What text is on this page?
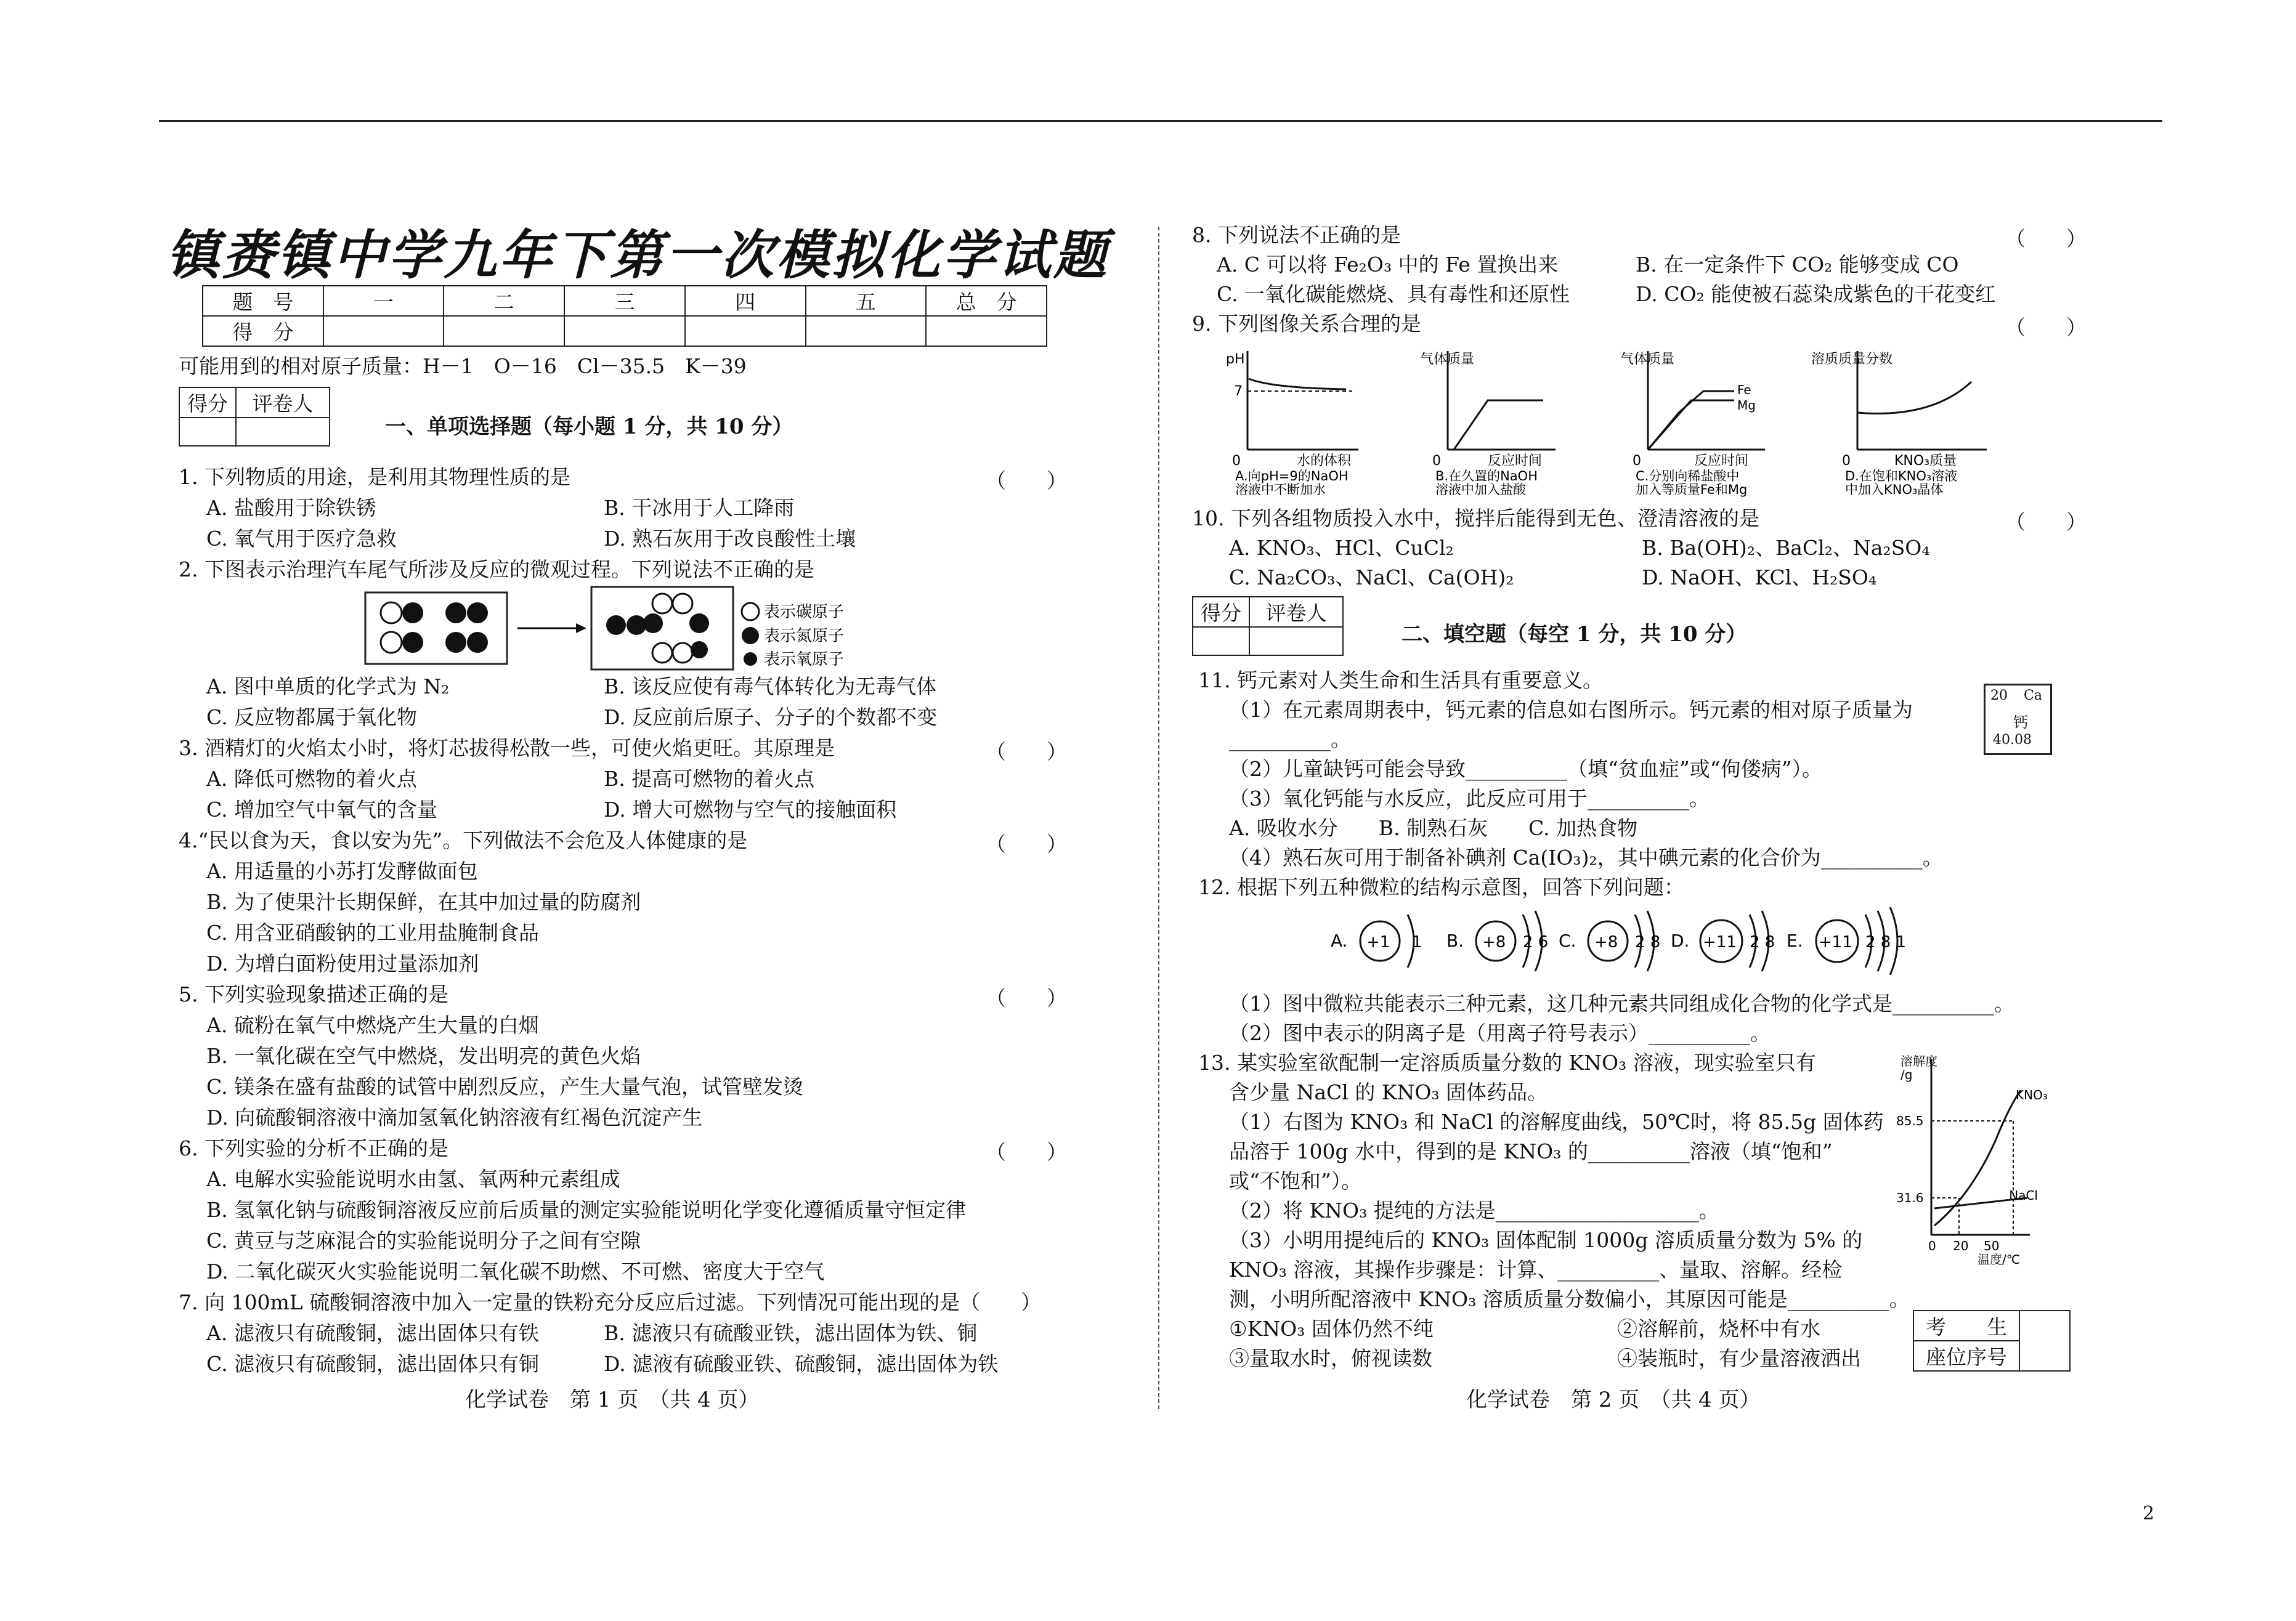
镇赉镇中学九年下第一次模拟化学试题
题　号	一	二	三	四	五	总　分
得　分						
可能用到的相对原子质量：H－1　O－16　Cl－35.5　K－39
得分	评卷人

一、单项选择题（每小题 1 分，共 10 分）
1. 下列物质的用途，是利用其物理性质的是	（　　）
A. 盐酸用于除铁锈	B. 干冰用于人工降雨
C. 氧气用于医疗急救	D. 熟石灰用于改良酸性土壤
2. 下图表示治理汽车尾气所涉及反应的微观过程。下列说法不正确的是
表示碳原子
表示氮原子
表示氧原子
A. 图中单质的化学式为 N₂	B. 该反应使有毒气体转化为无毒气体
C. 反应物都属于氧化物	D. 反应前后原子、分子的个数都不变
3. 酒精灯的火焰太小时，将灯芯拔得松散一些，可使火焰更旺。其原理是	（　　）
A. 降低可燃物的着火点	B. 提高可燃物的着火点
C. 增加空气中氧气的含量	D. 增大可燃物与空气的接触面积
4.“民以食为天，食以安为先”。下列做法不会危及人体健康的是	（　　）
A. 用适量的小苏打发酵做面包
B. 为了使果汁长期保鲜，在其中加过量的防腐剂
C. 用含亚硝酸钠的工业用盐腌制食品
D. 为增白面粉使用过量添加剂
5. 下列实验现象描述正确的是	（　　）
A. 硫粉在氧气中燃烧产生大量的白烟
B. 一氧化碳在空气中燃烧，发出明亮的黄色火焰
C. 镁条在盛有盐酸的试管中剧烈反应，产生大量气泡，试管壁发烫
D. 向硫酸铜溶液中滴加氢氧化钠溶液有红褐色沉淀产生
6. 下列实验的分析不正确的是	（　　）
A. 电解水实验能说明水由氢、氧两种元素组成
B. 氢氧化钠与硫酸铜溶液反应前后质量的测定实验能说明化学变化遵循质量守恒定律
C. 黄豆与芝麻混合的实验能说明分子之间有空隙
D. 二氧化碳灭火实验能说明二氧化碳不助燃、不可燃、密度大于空气
7. 向 100mL 硫酸铜溶液中加入一定量的铁粉充分反应后过滤。下列情况可能出现的是（　　）
A. 滤液只有硫酸铜，滤出固体只有铁	B. 滤液只有硫酸亚铁，滤出固体为铁、铜
C. 滤液只有硫酸铜，滤出固体只有铜	D. 滤液有硫酸亚铁、硫酸铜，滤出固体为铁
化学试卷　第 1 页　（共 4 页）
8. 下列说法不正确的是	（　　）
A. C 可以将 Fe₂O₃ 中的 Fe 置换出来	B. 在一定条件下 CO₂ 能够变成 CO
C. 一氧化碳能燃烧、具有毒性和还原性	D. CO₂ 能使被石蕊染成紫色的干花变红
9. 下列图像关系合理的是	（　　）
pH
7
0	水的体积
A.向pH=9的NaOH
溶液中不断加水
气体质量
0	反应时间
B.在久置的NaOH
溶液中加入盐酸
气体质量
Fe
Mg
0	反应时间
C.分别向稀盐酸中
加入等质量Fe和Mg
溶质质量分数
0	KNO₃质量
D.在饱和KNO₃溶液
中加入KNO₃晶体
10. 下列各组物质投入水中，搅拌后能得到无色、澄清溶液的是	（　　）
A. KNO₃、HCl、CuCl₂	B. Ba(OH)₂、BaCl₂、Na₂SO₄
C. Na₂CO₃、NaCl、Ca(OH)₂	D. NaOH、KCl、H₂SO₄
得分	评卷人

二、填空题（每空 1 分，共 10 分）
11. 钙元素对人类生命和生活具有重要意义。
（1）在元素周期表中，钙元素的信息如右图所示。钙元素的相对原子质量为
__________。
20 Ca
钙
40.08
（2）儿童缺钙可能会导致__________（填“贫血症”或“佝偻病”）。
（3）氧化钙能与水反应，此反应可用于__________。
A. 吸收水分　　B. 制熟石灰　　C. 加热食物
（4）熟石灰可用于制备补碘剂 Ca(IO₃)₂，其中碘元素的化合价为__________。
12. 根据下列五种微粒的结构示意图，回答下列问题：
A. +1 1 B. +8 2 6 C. +8 2 8 D. +11 2 8 E. +11 2 8 1
（1）图中微粒共能表示三种元素，这几种元素共同组成化合物的化学式是__________。
（2）图中表示的阴离子是（用离子符号表示）__________。
13. 某实验室欲配制一定溶质质量分数的 KNO₃ 溶液，现实验室只有
含少量 NaCl 的 KNO₃ 固体药品。
（1）右图为 KNO₃ 和 NaCl 的溶解度曲线，50℃时，将 85.5g 固体药
品溶于 100g 水中，得到的是 KNO₃ 的__________溶液（填“饱和”
或“不饱和”）。
（2）将 KNO₃ 提纯的方法是____________________。
（3）小明用提纯后的 KNO₃ 固体配制 1000g 溶质质量分数为 5% 的
KNO₃ 溶液，其操作步骤是：计算、__________、量取、溶解。经检
测，小明所配溶液中 KNO₃ 溶质质量分数偏小，其原因可能是__________。
①KNO₃ 固体仍然不纯	②溶解前，烧杯中有水
③量取水时，俯视读数	④装瓶时，有少量溶液洒出
溶解度
/g
85.5
31.6
KNO₃
NaCl
0 20 50
温度/℃
考　　生	
座位序号
化学试卷　第 2 页　（共 4 页）
2
